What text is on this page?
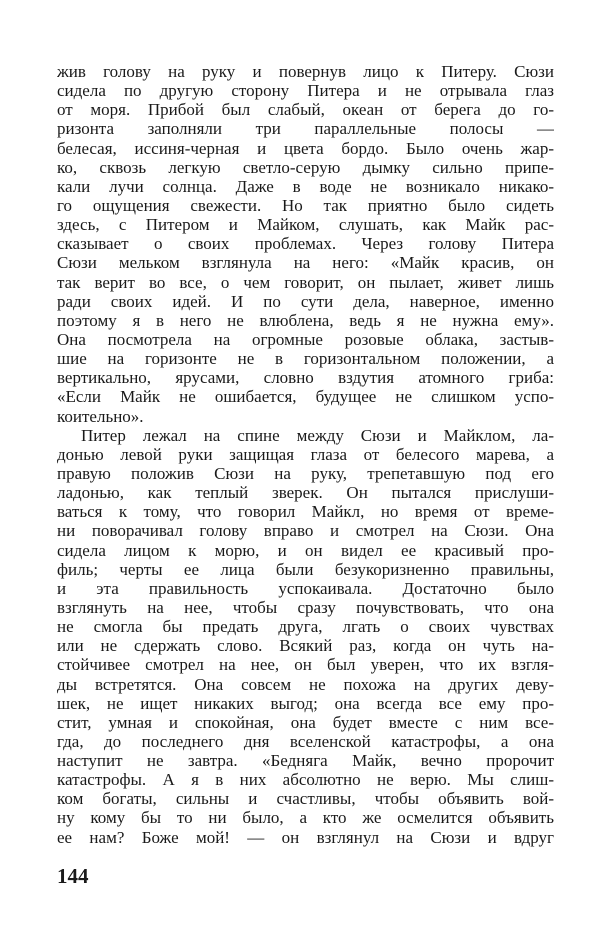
жив голову на руку и повернув лицо к Питеру. Сюзи
сидела по другую сторону Питера и не отрывала глаз
от моря. Прибой был слабый, океан от берега до го-
ризонта заполняли три параллельные полосы —
белесая, иссиня-черная и цвета бордо. Было очень жар-
ко, сквозь легкую светло-серую дымку сильно припе-
кали лучи солнца. Даже в воде не возникало никако-
го ощущения свежести. Но так приятно было сидеть
здесь, с Питером и Майком, слушать, как Майк рас-
сказывает о своих проблемах. Через голову Питера
Сюзи мельком взглянула на него: «Майк красив, он
так верит во все, о чем говорит, он пылает, живет лишь
ради своих идей. И по сути дела, наверное, именно
поэтому я в него не влюблена, ведь я не нужна ему».
Она посмотрела на огромные розовые облака, застыв-
шие на горизонте не в горизонтальном положении, а
вертикально, ярусами, словно вздутия атомного гриба:
«Если Майк не ошибается, будущее не слишком успо-
коительно».
Питер лежал на спине между Сюзи и Майклом, ла-
донью левой руки защищая глаза от белесого марева, а
правую положив Сюзи на руку, трепетавшую под его
ладонью, как теплый зверек. Он пытался прислуши-
ваться к тому, что говорил Майкл, но время от време-
ни поворачивал голову вправо и смотрел на Сюзи. Она
сидела лицом к морю, и он видел ее красивый про-
филь; черты ее лица были безукоризненно правильны,
и эта правильность успокаивала. Достаточно было
взглянуть на нее, чтобы сразу почувствовать, что она
не смогла бы предать друга, лгать о своих чувствах
или не сдержать слово. Всякий раз, когда он чуть на-
стойчивее смотрел на нее, он был уверен, что их взгля-
ды встретятся. Она совсем не похожа на других деву-
шек, не ищет никаких выгод; она всегда все ему про-
стит, умная и спокойная, она будет вместе с ним все-
гда, до последнего дня вселенской катастрофы, а она
наступит не завтра. «Бедняга Майк, вечно пророчит
катастрофы. А я в них абсолютно не верю. Мы слиш-
ком богаты, сильны и счастливы, чтобы объявить вой-
ну кому бы то ни было, а кто же осмелится объявить
ее нам? Боже мой! — он взглянул на Сюзи и вдруг
144
